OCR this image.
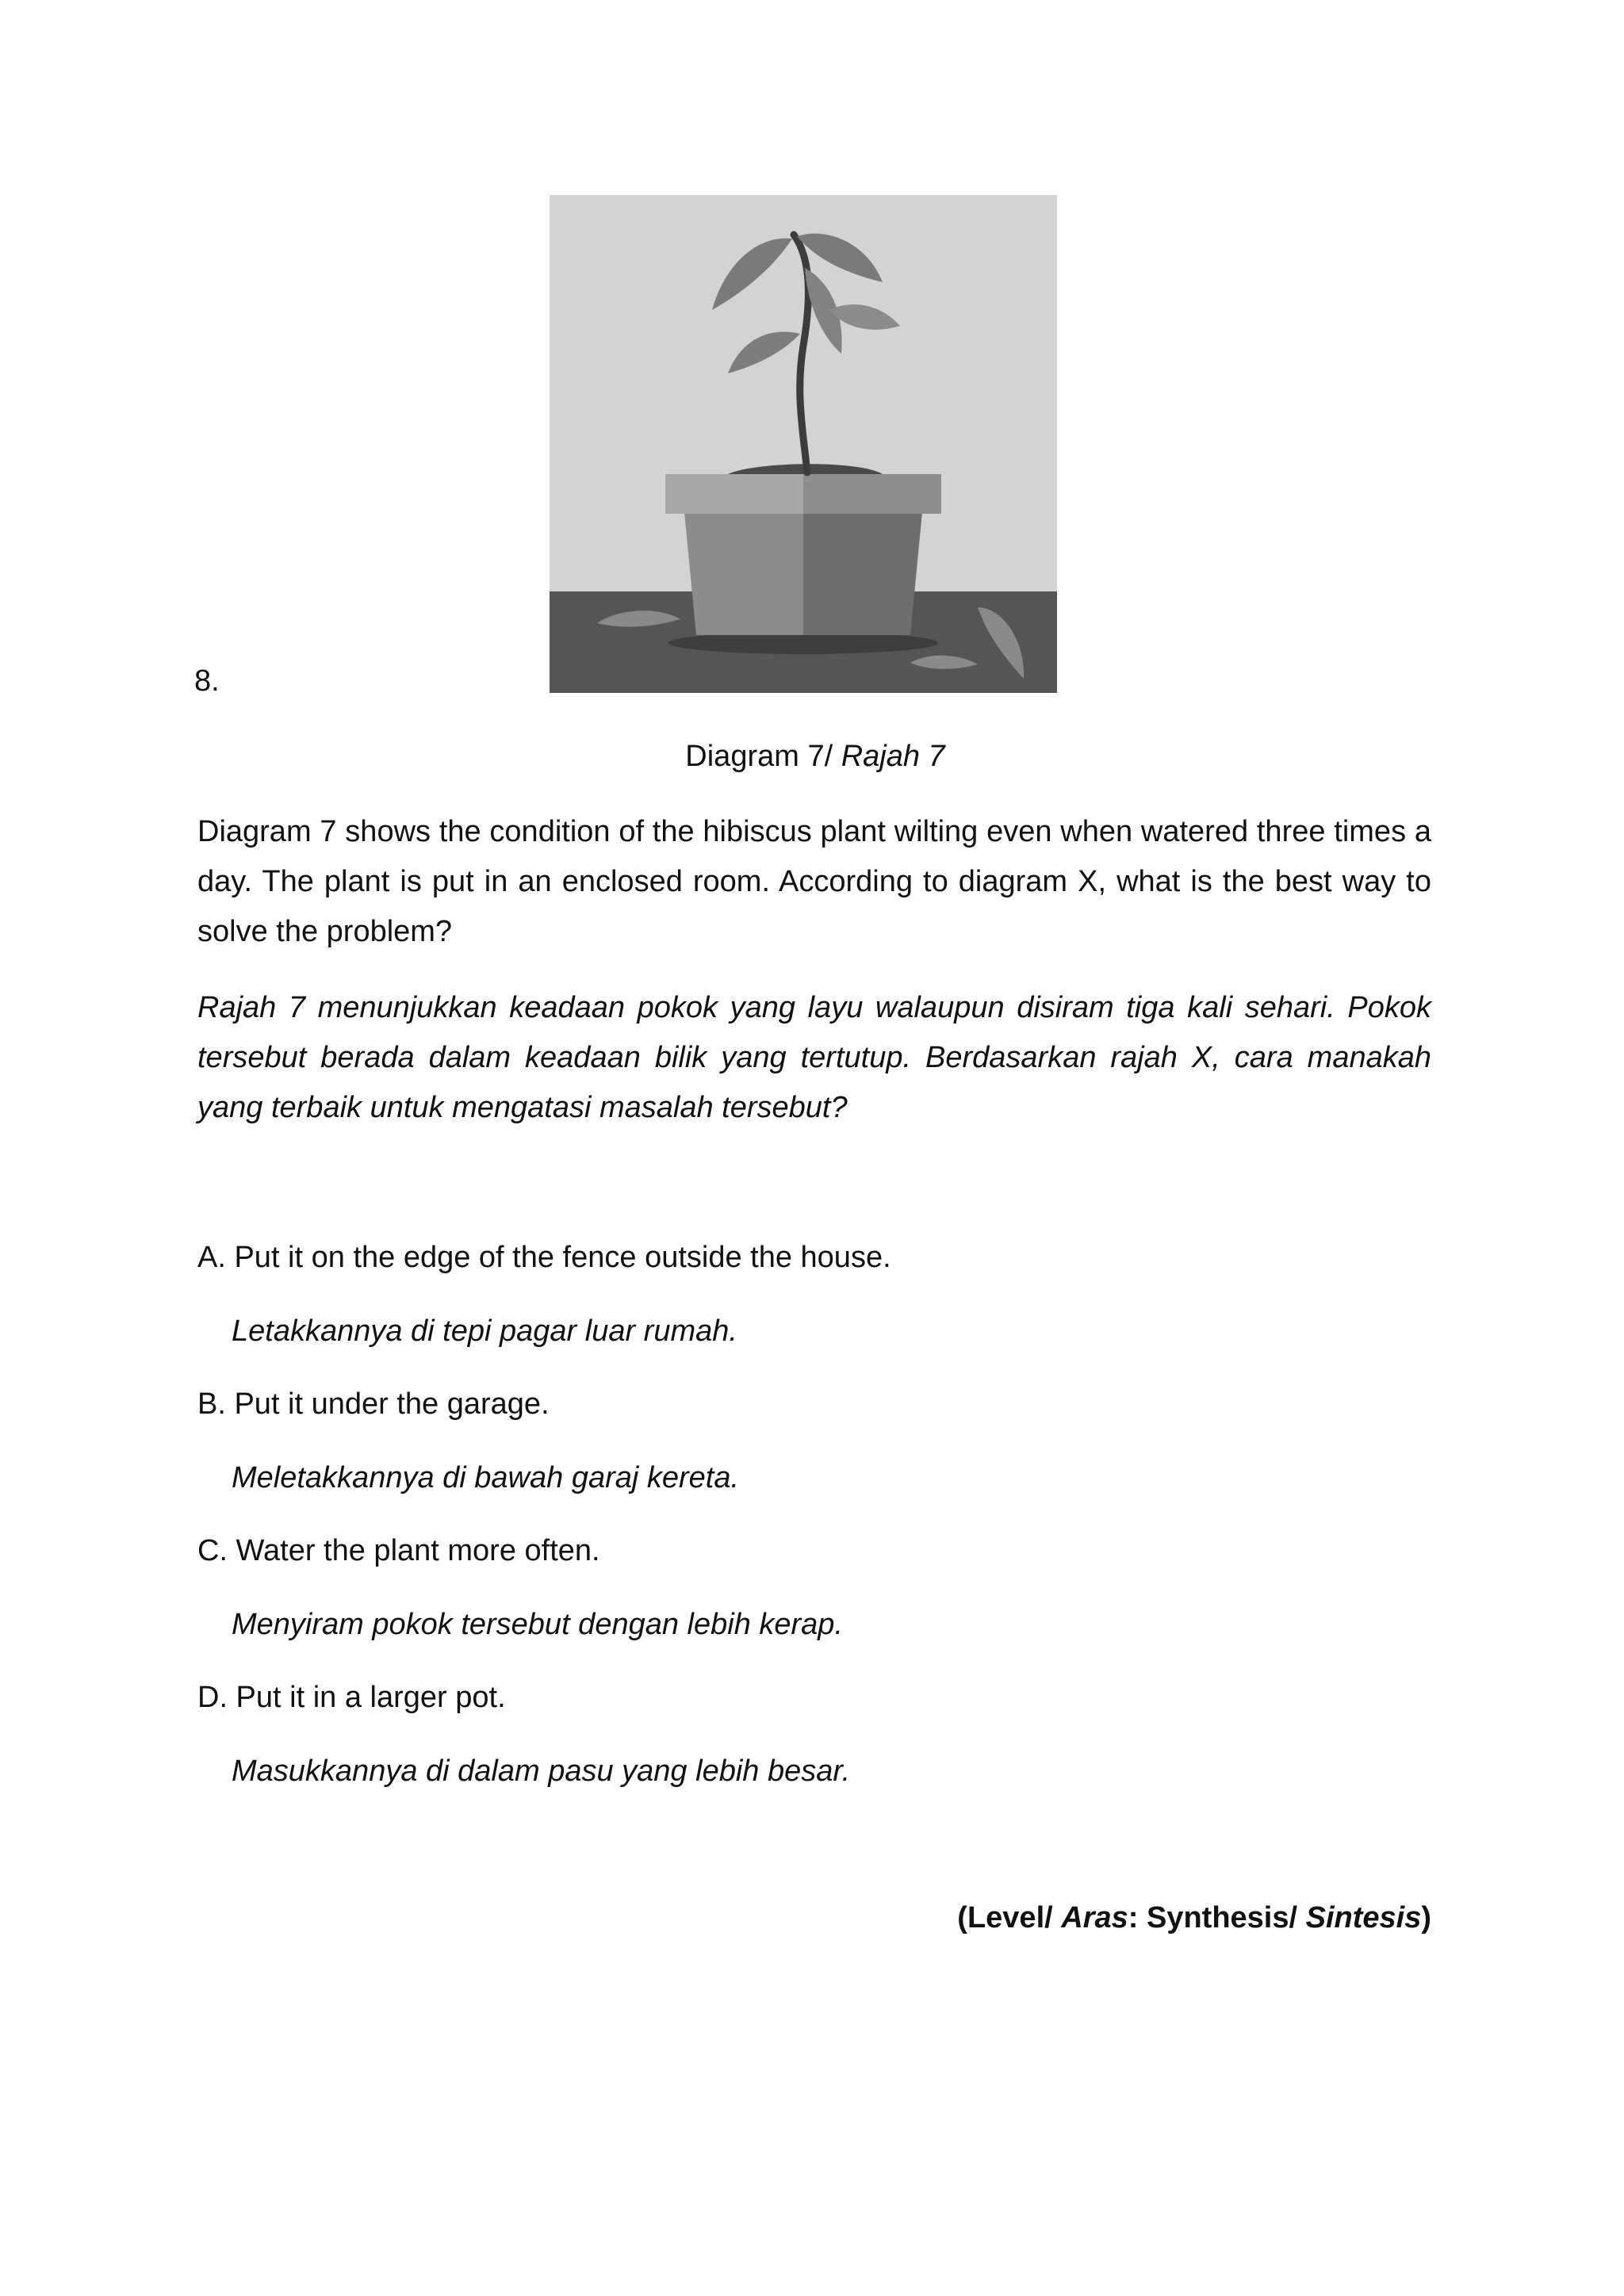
8.
Diagram 7/ Rajah 7
Diagram 7 shows the condition of the hibiscus plant wilting even when watered three times a day. The plant is put in an enclosed room. According to diagram X, what is the best way to solve the problem?
Rajah 7 menunjukkan keadaan pokok yang layu walaupun disiram tiga kali sehari. Pokok tersebut berada dalam keadaan bilik yang tertutup. Berdasarkan rajah X, cara manakah yang terbaik untuk mengatasi masalah tersebut?
A. Put it on the edge of the fence outside the house.
Letakkannya di tepi pagar luar rumah.
B. Put it under the garage.
Meletakkannya di bawah garaj kereta.
C. Water the plant more often.
Menyiram pokok tersebut dengan lebih kerap.
D. Put it in a larger pot.
Masukkannya di dalam pasu yang lebih besar.
(Level/ Aras: Synthesis/ Sintesis)
